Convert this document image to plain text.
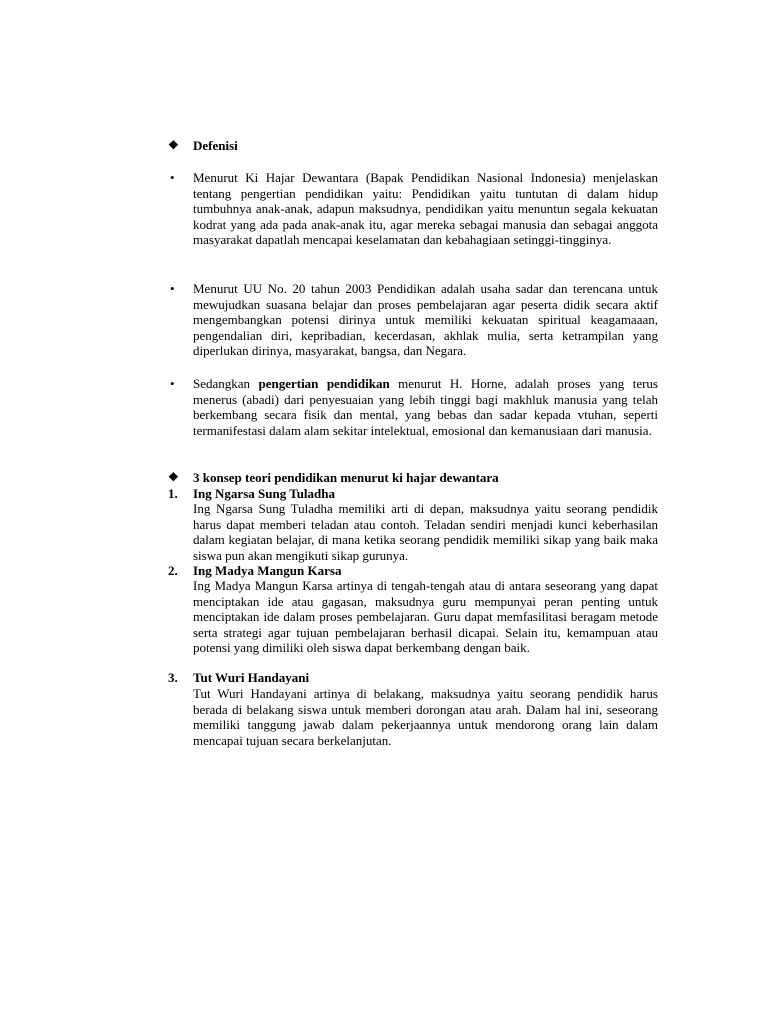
❖	Defenisi
• Menurut Ki Hajar Dewantara (Bapak Pendidikan Nasional Indonesia) menjelaskan tentang pengertian pendidikan yaitu: Pendidikan yaitu tuntutan di dalam hidup tumbuhnya anak-anak, adapun maksudnya, pendidikan yaitu menuntun segala kekuatan kodrat yang ada pada anak-anak itu, agar mereka sebagai manusia dan sebagai anggota masyarakat dapatlah mencapai keselamatan dan kebahagiaan setinggi-tingginya.
• Menurut UU No. 20 tahun 2003 Pendidikan adalah usaha sadar dan terencana untuk mewujudkan suasana belajar dan proses pembelajaran agar peserta didik secara aktif mengembangkan potensi dirinya untuk memiliki kekuatan spiritual keagamaaan, pengendalian diri, kepribadian, kecerdasan, akhlak mulia, serta ketrampilan yang diperlukan dirinya, masyarakat, bangsa, dan Negara.
• Sedangkan pengertian pendidikan menurut H. Horne, adalah proses yang terus menerus (abadi) dari penyesuaian yang lebih tinggi bagi makhluk manusia yang telah berkembang secara fisik dan mental, yang bebas dan sadar kepada vtuhan, seperti termanifestasi dalam alam sekitar intelektual, emosional dan kemanusiaan dari manusia.
❖	3 konsep teori pendidikan menurut ki hajar dewantara
1. Ing Ngarsa Sung Tuladha
Ing Ngarsa Sung Tuladha memiliki arti di depan, maksudnya yaitu seorang pendidik harus dapat memberi teladan atau contoh. Teladan sendiri menjadi kunci keberhasilan dalam kegiatan belajar, di mana ketika seorang pendidik memiliki sikap yang baik maka siswa pun akan mengikuti sikap gurunya.
2. Ing Madya Mangun Karsa
Ing Madya Mangun Karsa artinya di tengah-tengah atau di antara seseorang yang dapat menciptakan ide atau gagasan, maksudnya guru mempunyai peran penting untuk menciptakan ide dalam proses pembelajaran. Guru dapat memfasilitasi beragam metode serta strategi agar tujuan pembelajaran berhasil dicapai. Selain itu, kemampuan atau potensi yang dimiliki oleh siswa dapat berkembang dengan baik.
3. Tut Wuri Handayani
Tut Wuri Handayani artinya di belakang, maksudnya yaitu seorang pendidik harus berada di belakang siswa untuk memberi dorongan atau arah. Dalam hal ini, seseorang memiliki tanggung jawab dalam pekerjaannya untuk mendorong orang lain dalam mencapai tujuan secara berkelanjutan.
